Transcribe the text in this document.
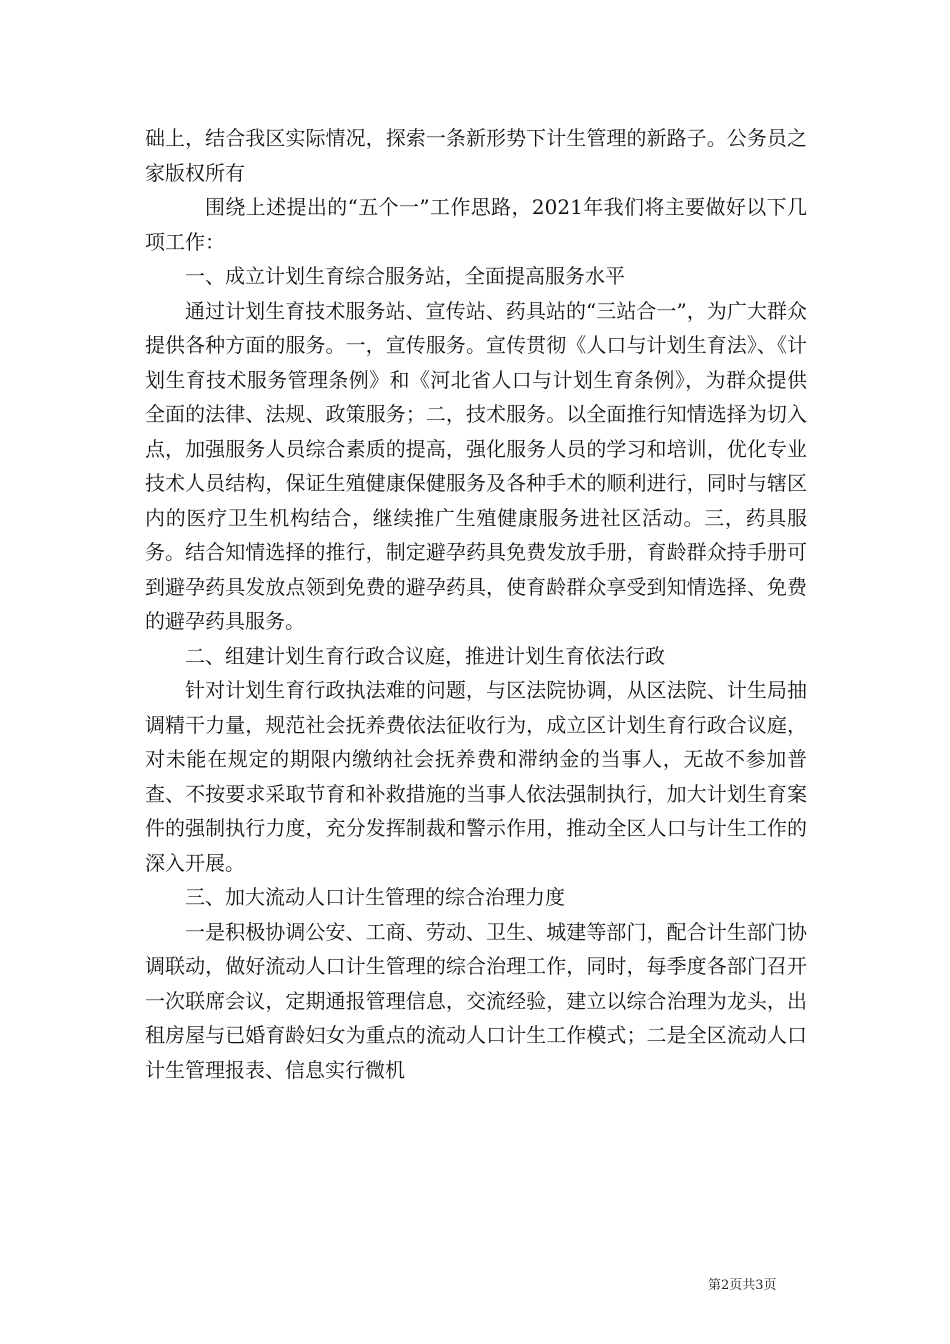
础上，结合我区实际情况，探索一条新形势下计生管理的新路子。公务员之家版权所有

围绕上述提出的“五个一”工作思路，2021年我们将主要做好以下几项工作：

一、成立计划生育综合服务站，全面提高服务水平

通过计划生育技术服务站、宣传站、药具站的“三站合一”，为广大群众提供各种方面的服务。一，宣传服务。宣传贯彻《人口与计划生育法》、《计划生育技术服务管理条例》和《河北省人口与计划生育条例》，为群众提供全面的法律、法规、政策服务；二，技术服务。以全面推行知情选择为切入点，加强服务人员综合素质的提高，强化服务人员的学习和培训，优化专业技术人员结构，保证生殖健康保健服务及各种手术的顺利进行，同时与辖区内的医疗卫生机构结合，继续推广生殖健康服务进社区活动。三，药具服务。结合知情选择的推行，制定避孕药具免费发放手册，育龄群众持手册可到避孕药具发放点领到免费的避孕药具，使育龄群众享受到知情选择、免费的避孕药具服务。

二、组建计划生育行政合议庭，推进计划生育依法行政

针对计划生育行政执法难的问题，与区法院协调，从区法院、计生局抽调精干力量，规范社会抚养费依法征收行为，成立区计划生育行政合议庭，对未能在规定的期限内缴纳社会抚养费和滞纳金的当事人，无故不参加普查、不按要求采取节育和补救措施的当事人依法强制执行，加大计划生育案件的强制执行力度，充分发挥制裁和警示作用，推动全区人口与计生工作的深入开展。

三、加大流动人口计生管理的综合治理力度

一是积极协调公安、工商、劳动、卫生、城建等部门，配合计生部门协调联动，做好流动人口计生管理的综合治理工作，同时，每季度各部门召开一次联席会议，定期通报管理信息，交流经验，建立以综合治理为龙头，出租房屋与已婚育龄妇女为重点的流动人口计生工作模式；二是全区流动人口计生管理报表、信息实行微机

第2页共3页
